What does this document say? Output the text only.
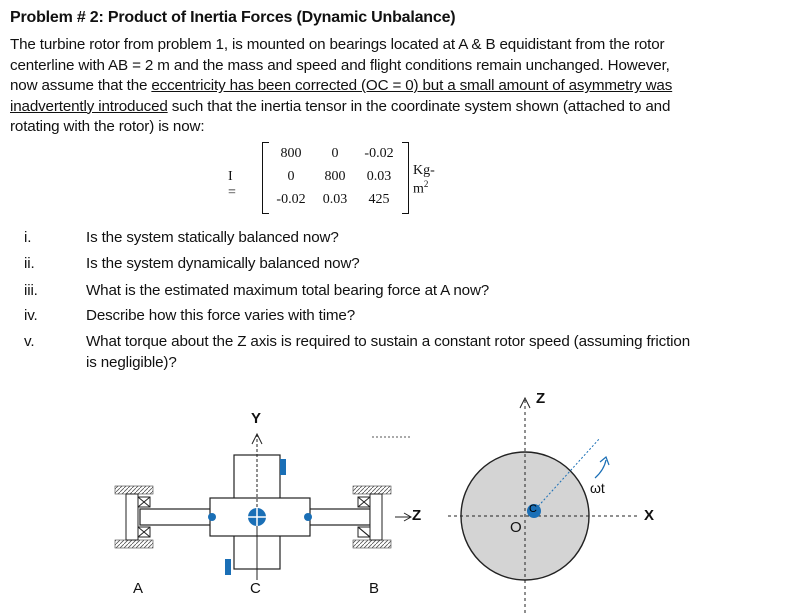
Problem # 2: Product of Inertia Forces (Dynamic Unbalance)
The turbine rotor from problem 1, is mounted on bearings located at A & B equidistant from the rotor
centerline with AB = 2 m and the mass and speed and flight conditions remain unchanged. However,
now assume that the eccentricity has been corrected (OC = 0) but a small amount of asymmetry was
inadvertently introduced such that the inertia tensor in the coordinate system shown (attached to and
rotating with the rotor) is now:
I =
800	0	-0.02
0	800	0.03
-0.02	0.03	425
$Kg-m^2$
i.	Is the system statically balanced now?
ii.	Is the system dynamically balanced now?
iii.	What is the estimated maximum total bearing force at A now?
iv.	Describe how this force varies with time?
v.	What torque about the Z axis is required to sustain a constant rotor speed (assuming friction
is negligible)?
Y
Z
A	C	B
Z
X
O
C
ωt
